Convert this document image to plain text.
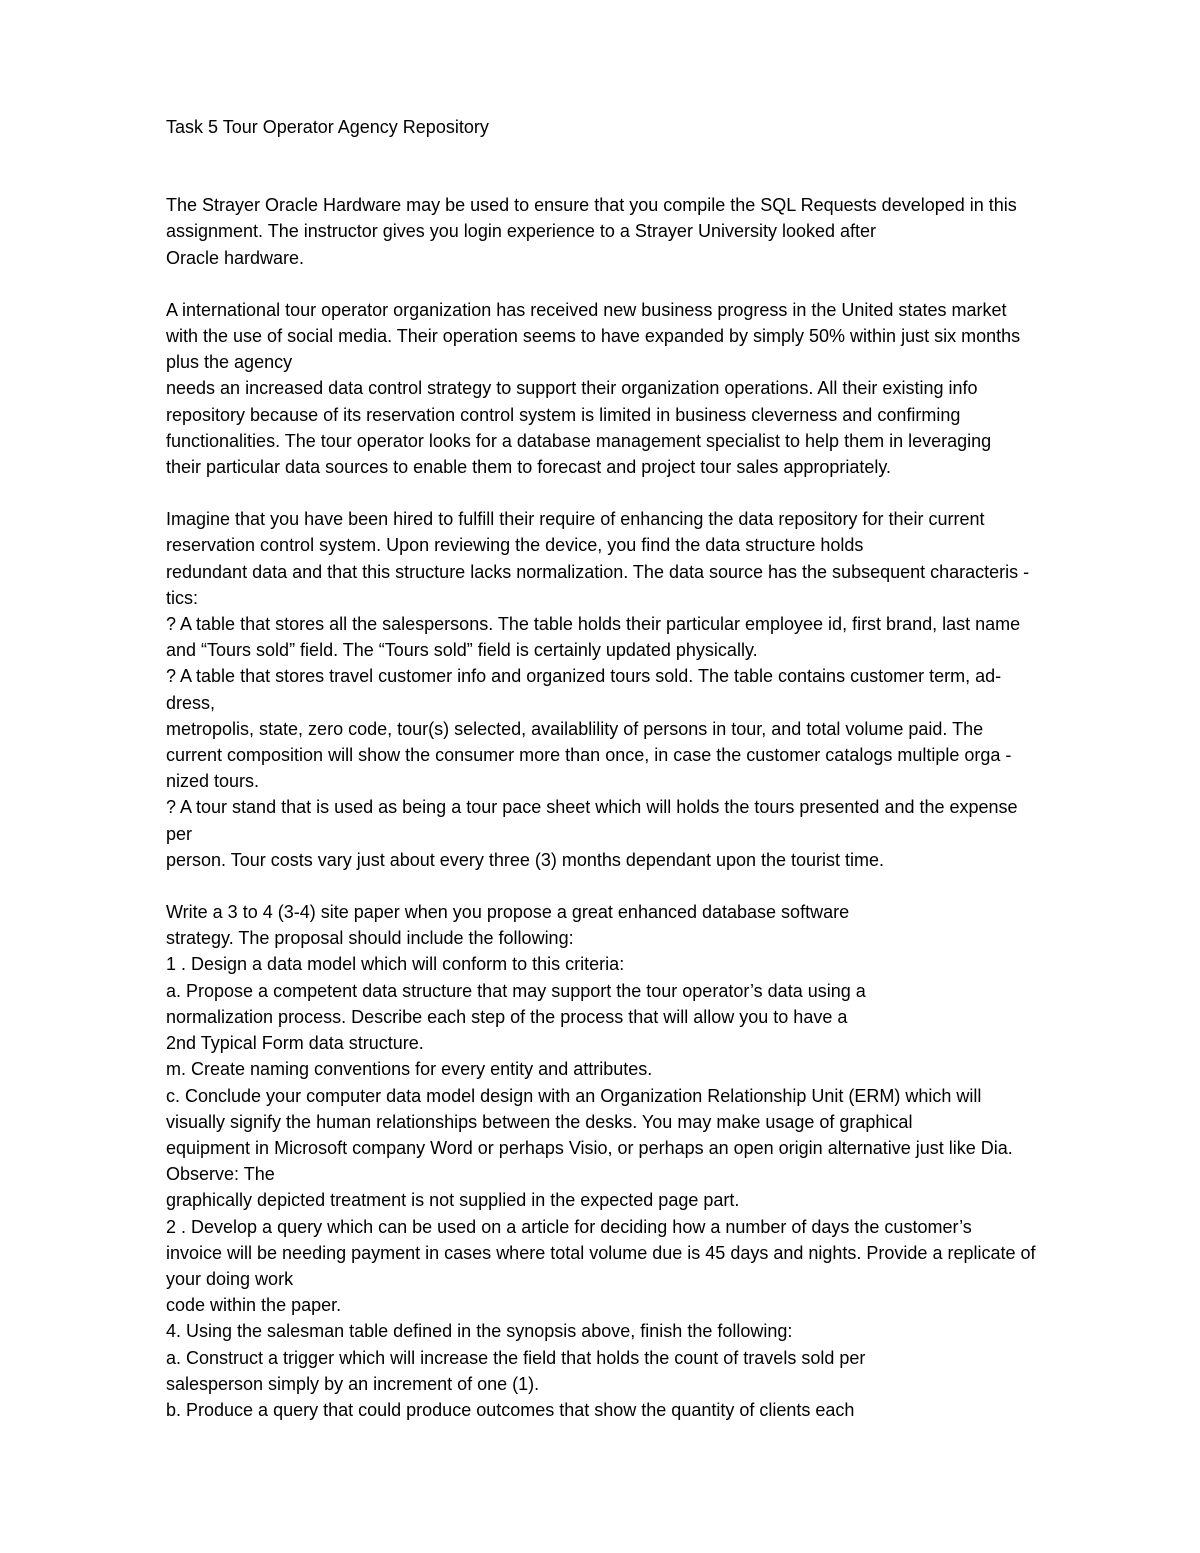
Task 5 Tour Operator Agency Repository
The Strayer Oracle Hardware may be used to ensure that you compile the SQL Requests developed in this
assignment. The instructor gives you login experience to a Strayer University looked after
Oracle hardware.
A international tour operator organization has received new business progress in the United states market
with the use of social media. Their operation seems to have expanded by simply 50% within just six months
plus the agency
needs an increased data control strategy to support their organization operations. All their existing info
repository because of its reservation control system is limited in business cleverness and confirming
functionalities. The tour operator looks for a database management specialist to help them in leveraging
their particular data sources to enable them to forecast and project tour sales appropriately.
Imagine that you have been hired to fulfill their require of enhancing the data repository for their current
reservation control system. Upon reviewing the device, you find the data structure holds
redundant data and that this structure lacks normalization. The data source has the subsequent characteris -
tics:
? A table that stores all the salespersons. The table holds their particular employee id, first brand, last name
and “Tours sold” field. The “Tours sold” field is certainly updated physically.
? A table that stores travel customer info and organized tours sold. The table contains customer term, ad-
dress,
metropolis, state, zero code, tour(s) selected, availablility of persons in tour, and total volume paid. The
current composition will show the consumer more than once, in case the customer catalogs multiple orga -
nized tours.
? A tour stand that is used as being a tour pace sheet which will holds the tours presented and the expense
per
person. Tour costs vary just about every three (3) months dependant upon the tourist time.
Write a 3 to 4 (3-4) site paper when you propose a great enhanced database software
strategy. The proposal should include the following:
1 . Design a data model which will conform to this criteria:
a. Propose a competent data structure that may support the tour operator’s data using a
normalization process. Describe each step of the process that will allow you to have a
2nd Typical Form data structure.
m. Create naming conventions for every entity and attributes.
c. Conclude your computer data model design with an Organization Relationship Unit (ERM) which will
visually signify the human relationships between the desks. You may make usage of graphical
equipment in Microsoft company Word or perhaps Visio, or perhaps an open origin alternative just like Dia.
Observe: The
graphically depicted treatment is not supplied in the expected page part.
2 . Develop a query which can be used on a article for deciding how a number of days the customer’s
invoice will be needing payment in cases where total volume due is 45 days and nights. Provide a replicate of
your doing work
code within the paper.
4. Using the salesman table defined in the synopsis above, finish the following:
a. Construct a trigger which will increase the field that holds the count of travels sold per
salesperson simply by an increment of one (1).
b. Produce a query that could produce outcomes that show the quantity of clients each
